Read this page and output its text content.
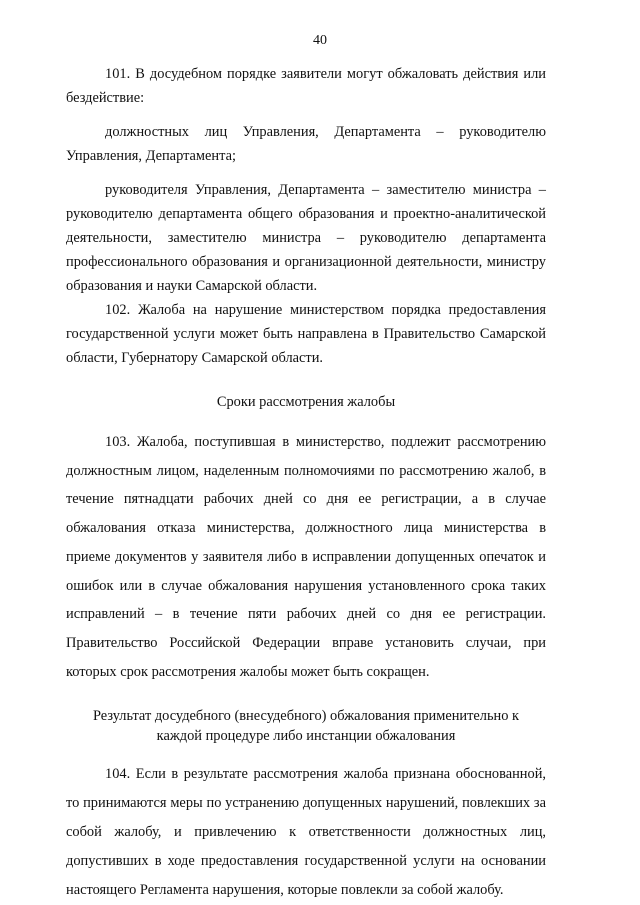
40

101. В досудебном порядке заявители могут обжаловать действия или бездействие:

должностных лиц Управления, Департамента – руководителю Управления, Департамента;

руководителя Управления, Департамента – заместителю министра – руководителю департамента общего образования и проектно-аналитической деятельности, заместителю министра – руководителю департамента профессионального образования и организационной деятельности, министру образования и науки Самарской области.

102. Жалоба на нарушение министерством порядка предоставления государственной услуги может быть направлена в Правительство Самарской области, Губернатору Самарской области.

Сроки рассмотрения жалобы

103. Жалоба, поступившая в министерство, подлежит рассмотрению должностным лицом, наделенным полномочиями по рассмотрению жалоб, в течение пятнадцати рабочих дней со дня ее регистрации, а в случае обжалования отказа министерства, должностного лица министерства в приеме документов у заявителя либо в исправлении допущенных опечаток и ошибок или в случае обжалования нарушения установленного срока таких исправлений – в течение пяти рабочих дней со дня ее регистрации. Правительство Российской Федерации вправе установить случаи, при которых срок рассмотрения жалобы может быть сокращен.

Результат досудебного (внесудебного) обжалования применительно к
каждой процедуре либо инстанции обжалования

104. Если в результате рассмотрения жалоба признана обоснованной, то принимаются меры по устранению допущенных нарушений, повлекших за собой жалобу, и привлечению к ответственности должностных лиц, допустивших в ходе предоставления государственной услуги на основании настоящего Регламента нарушения, которые повлекли за собой жалобу.
